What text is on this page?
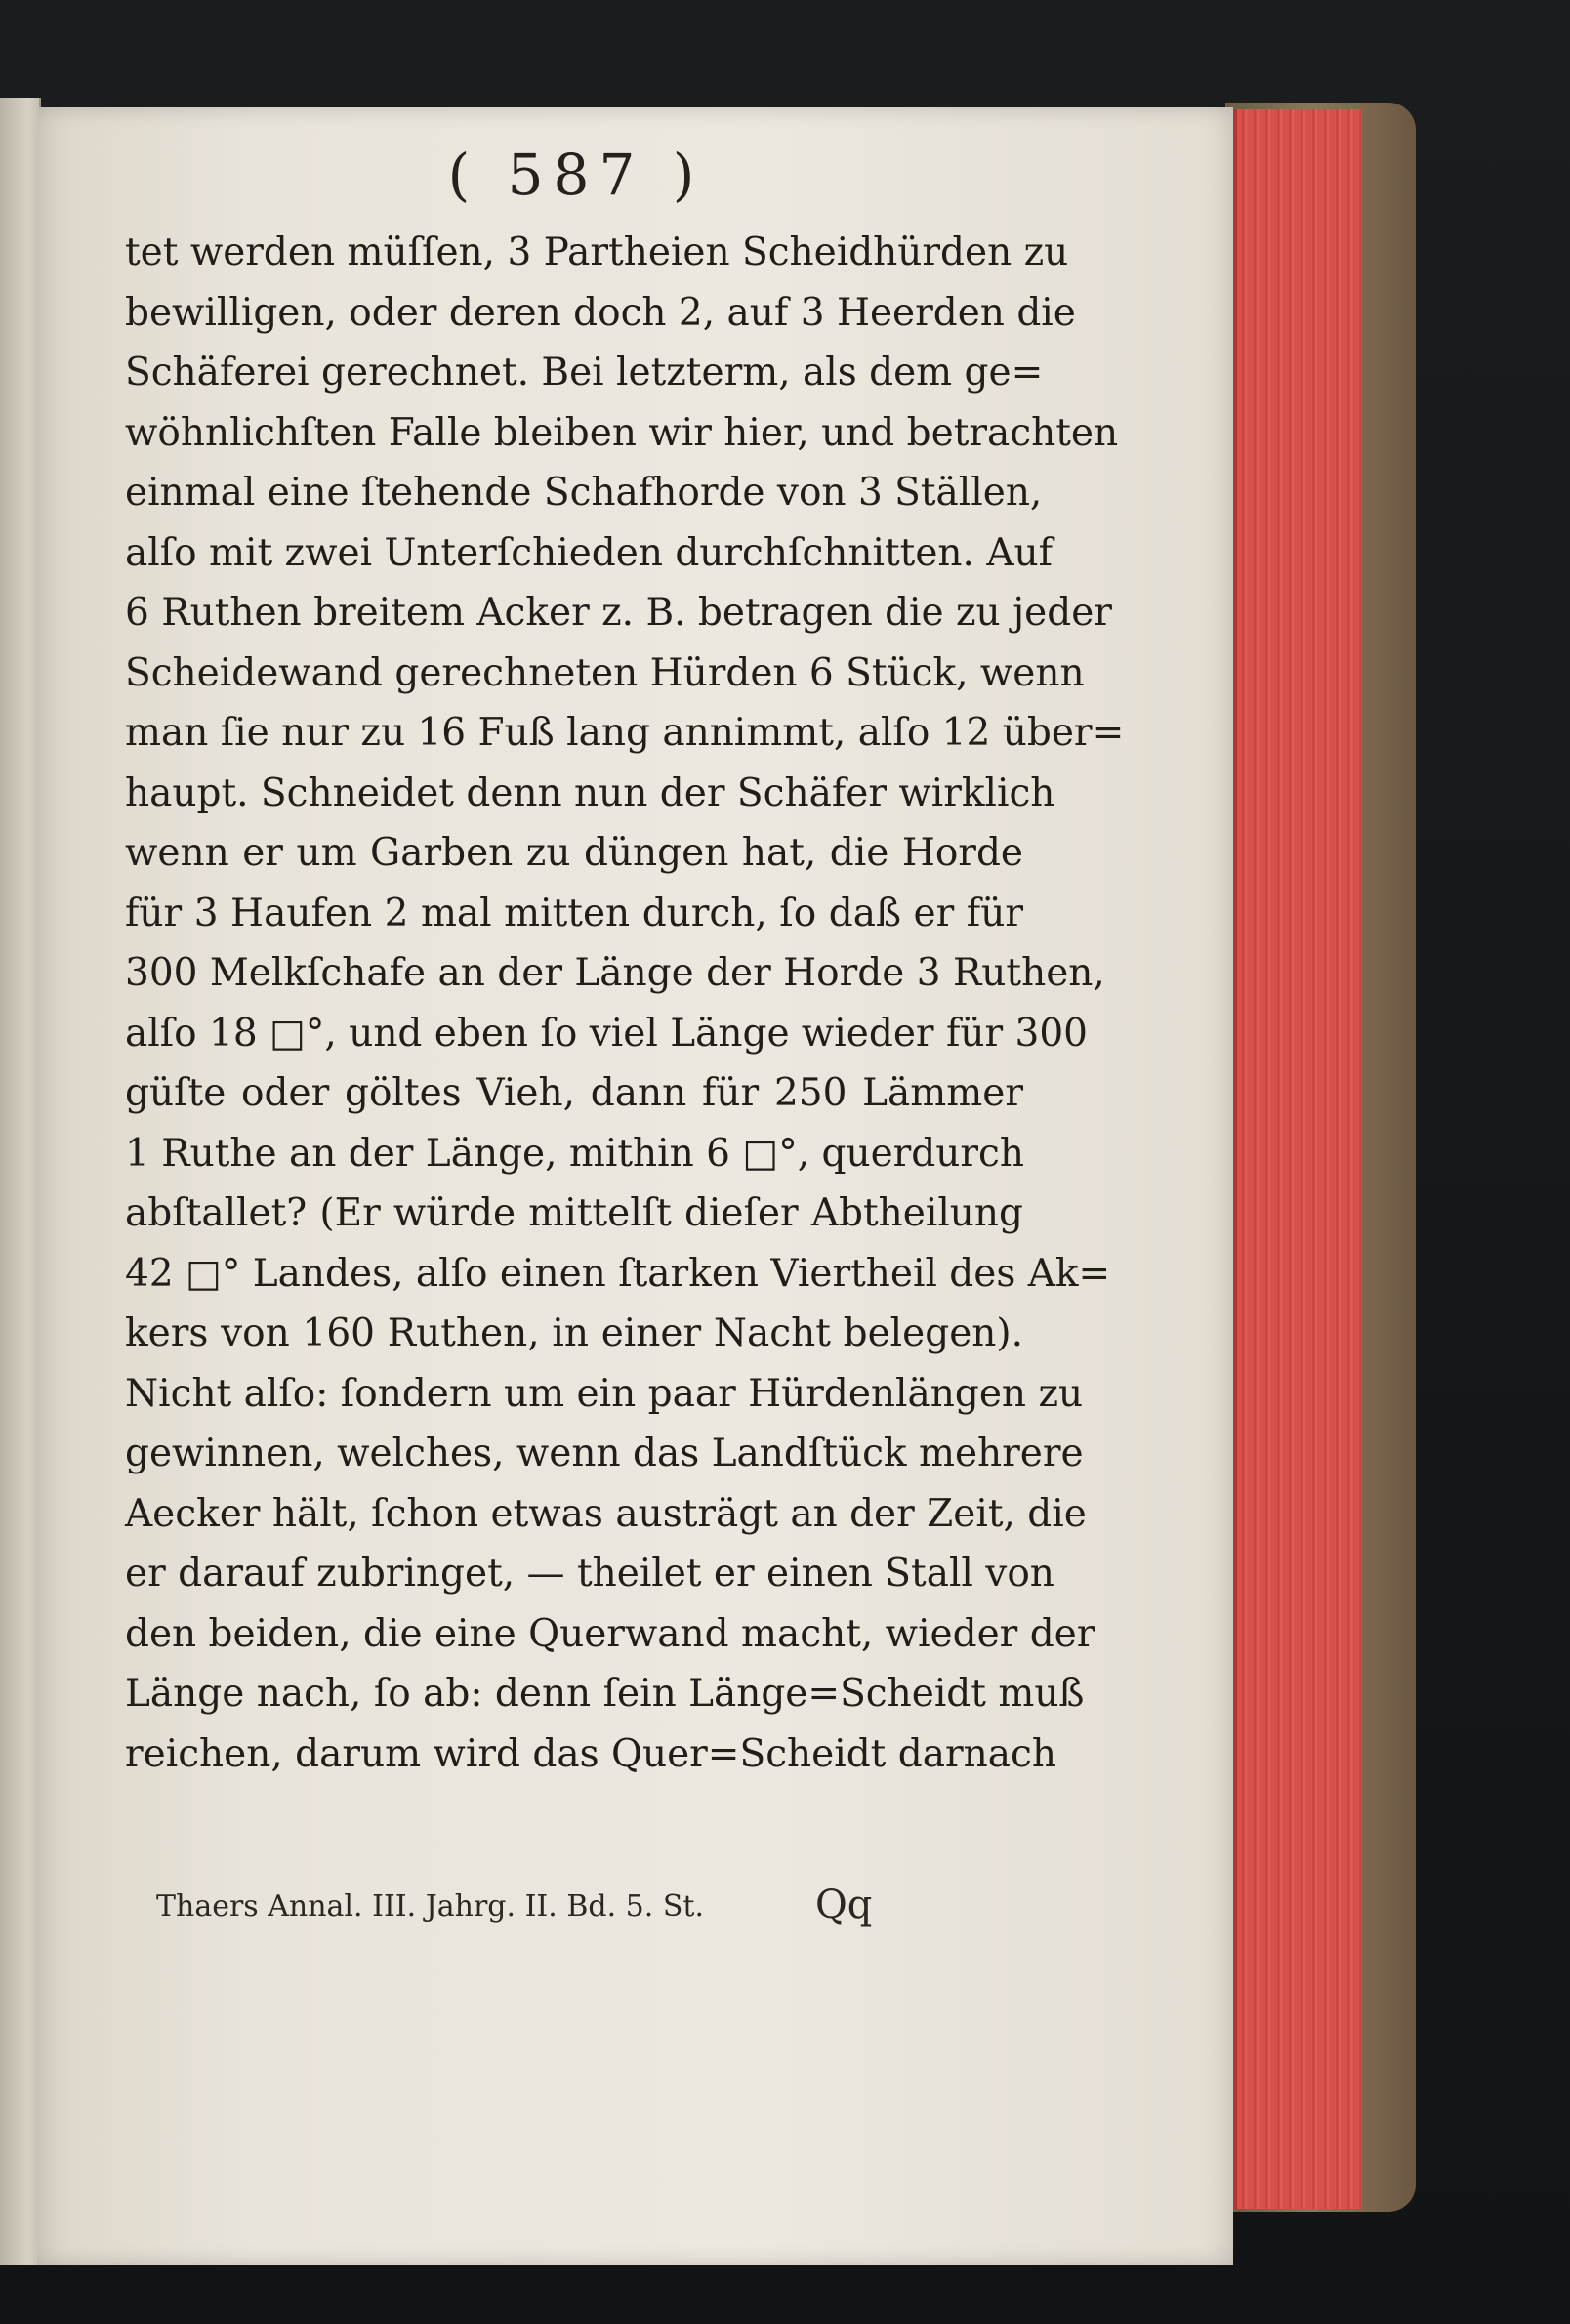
( 587 )
tet werden müſſen, 3 Partheien Scheidhürden zu
bewilligen, oder deren doch 2, auf 3 Heerden die
Schäferei gerechnet. Bei letzterm, als dem ge=
wöhnlichſten Falle bleiben wir hier, und betrachten
einmal eine ſtehende Schafhorde von 3 Ställen,
alſo mit zwei Unterſchieden durchſchnitten. Auf
6 Ruthen breitem Acker z. B. betragen die zu jeder
Scheidewand gerechneten Hürden 6 Stück, wenn
man ſie nur zu 16 Fuß lang annimmt, alſo 12 über=
haupt. Schneidet denn nun der Schäfer wirklich
wenn er um Garben zu düngen hat, die Horde
für 3 Haufen 2 mal mitten durch, ſo daß er für
300 Melkſchafe an der Länge der Horde 3 Ruthen,
alſo 18 □°, und eben ſo viel Länge wieder für 300
güſte oder göltes Vieh, dann für 250 Lämmer
1 Ruthe an der Länge, mithin 6 □°, querdurch
abſtallet? (Er würde mittelſt dieſer Abtheilung
42 □° Landes, alſo einen ſtarken Viertheil des Ak=
kers von 160 Ruthen, in einer Nacht belegen).
Nicht alſo: ſondern um ein paar Hürdenlängen zu
gewinnen, welches, wenn das Landſtück mehrere
Aecker hält, ſchon etwas austrägt an der Zeit, die
er darauf zubringet, — theilet er einen Stall von
den beiden, die eine Querwand macht, wieder der
Länge nach, ſo ab: denn ſein Länge=Scheidt muß
reichen, darum wird das Quer=Scheidt darnach
Thaers Annal. III. Jahrg. II. Bd. 5. St.	Qq
